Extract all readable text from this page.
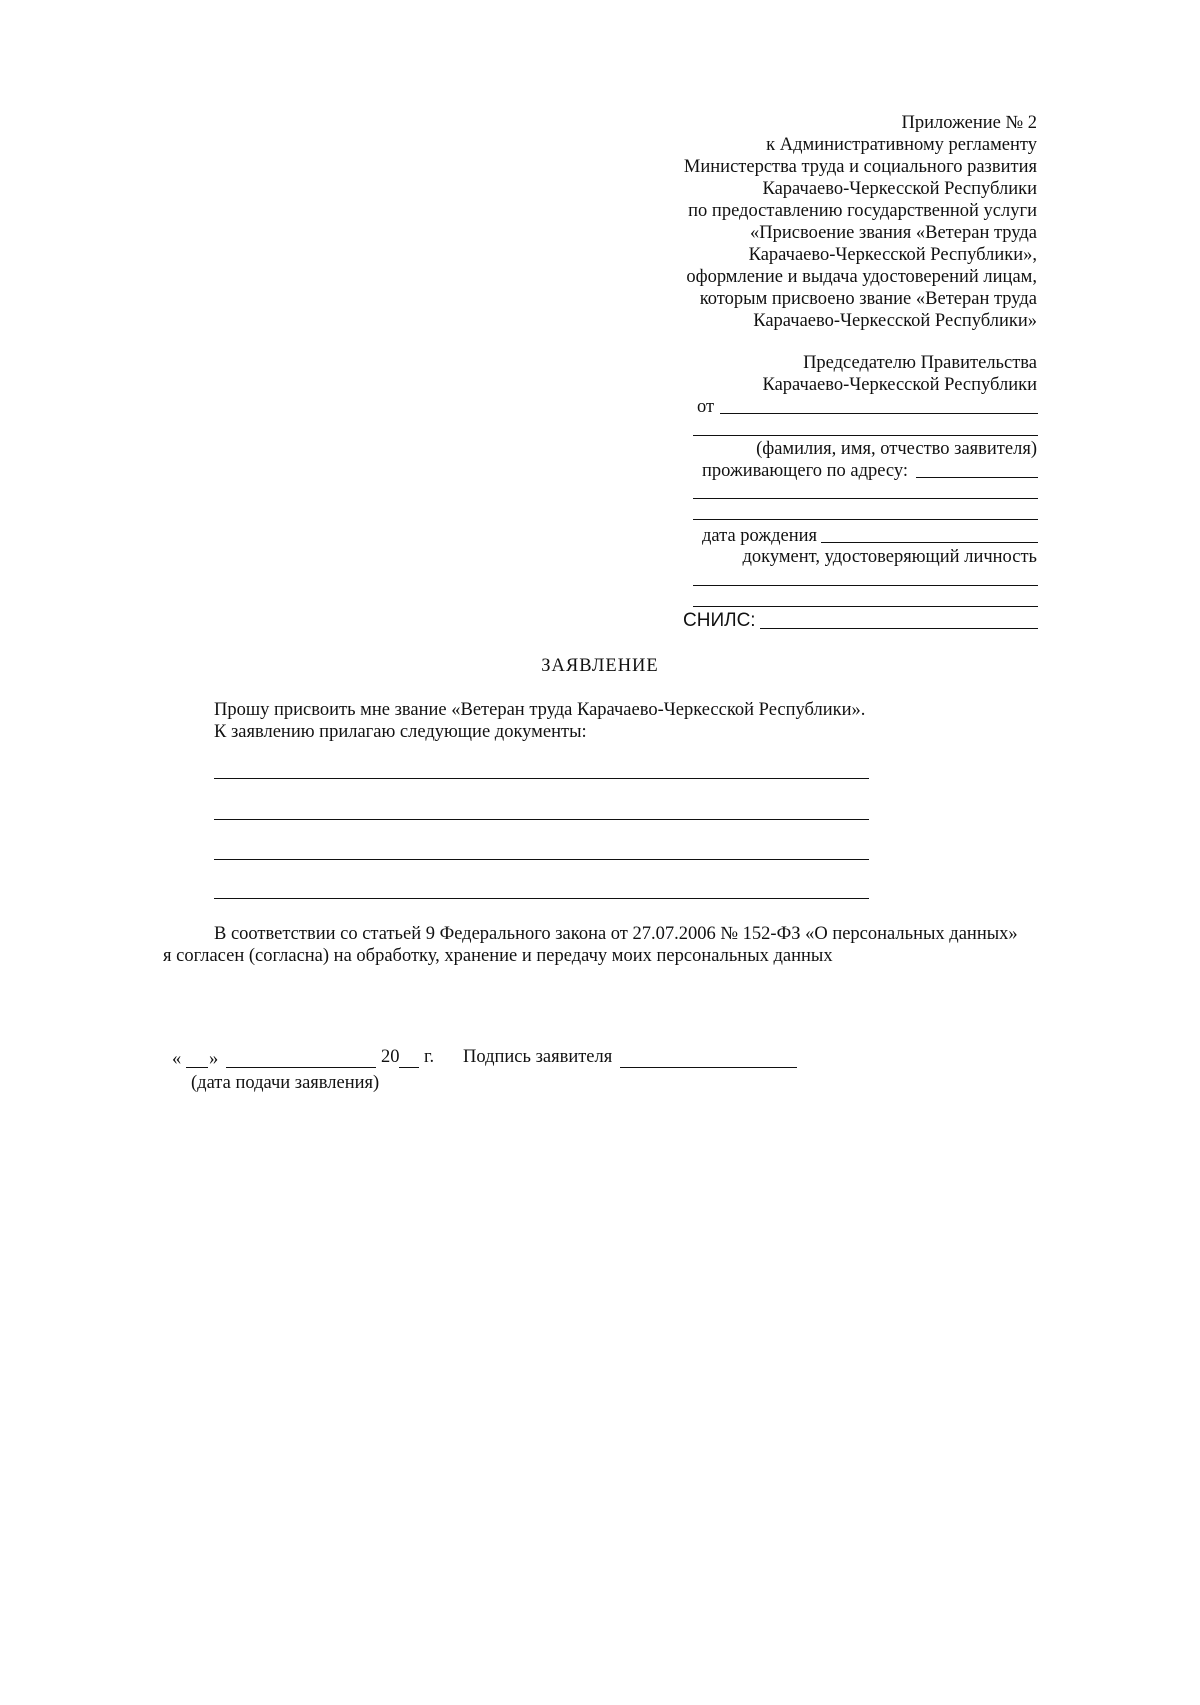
Приложение № 2
к Административному регламенту
Министерства труда и социального развития
Карачаево-Черкесской Республики
по предоставлению государственной услуги
«Присвоение звания «Ветеран труда
Карачаево-Черкесской Республики»,
оформление и выдача удостоверений лицам,
которым присвоено звание «Ветеран труда
Карачаево-Черкесской Республики»
Председателю Правительства
Карачаево-Черкесской Республики
от
(фамилия, имя, отчество заявителя)
проживающего по адресу:
дата рождения
документ, удостоверяющий личность
СНИЛС:
ЗАЯВЛЕНИЕ
Прошу присвоить мне звание «Ветеран труда Карачаево-Черкесской Республики».
К заявлению прилагаю следующие документы:
В соответствии со статьей 9 Федерального закона от 27.07.2006 № 152-ФЗ «О персональных данных»
я согласен (согласна) на обработку, хранение и передачу моих персональных данных
« »	20 г. Подпись заявителя
(дата подачи заявления)
